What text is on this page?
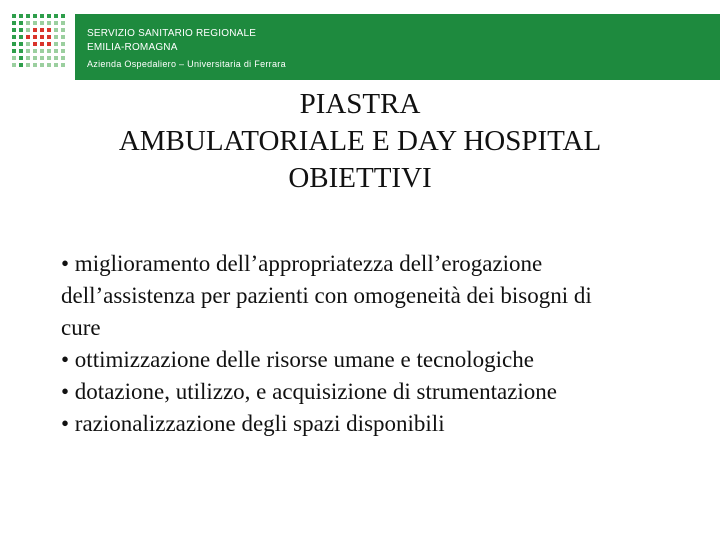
SERVIZIO SANITARIO REGIONALE
EMILIA-ROMAGNA
Azienda Ospedaliero – Universitaria di Ferrara
PIASTRA
AMBULATORIALE E DAY HOSPITAL
OBIETTIVI
• miglioramento dell’appropriatezza dell’erogazione
dell’assistenza per pazienti con omogeneità dei bisogni di
cure
• ottimizzazione delle risorse umane e tecnologiche
• dotazione, utilizzo, e acquisizione di strumentazione
• razionalizzazione degli spazi disponibili
